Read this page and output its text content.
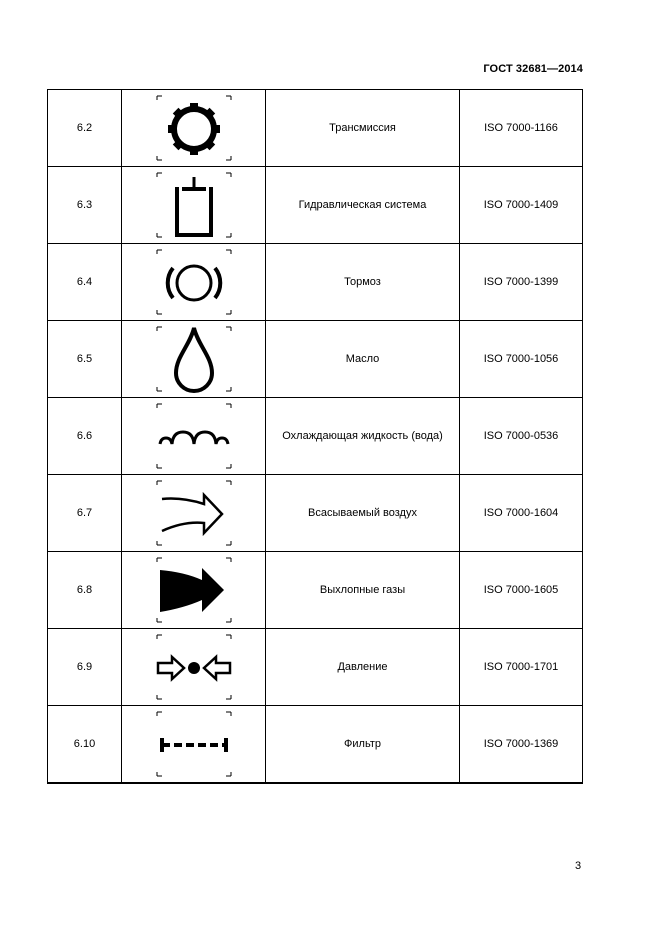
ГОСТ 32681—2014
6.2		Трансмиссия	ISO 7000-1166
6.3		Гидравлическая система	ISO 7000-1409
6.4		Тормоз	ISO 7000-1399
6.5		Масло	ISO 7000-1056
6.6		Охлаждающая жидкость (вода)	ISO 7000-0536
6.7		Всасываемый воздух	ISO 7000-1604
6.8		Выхлопные газы	ISO 7000-1605
6.9		Давление	ISO 7000-1701
6.10		Фильтр	ISO 7000-1369
3
